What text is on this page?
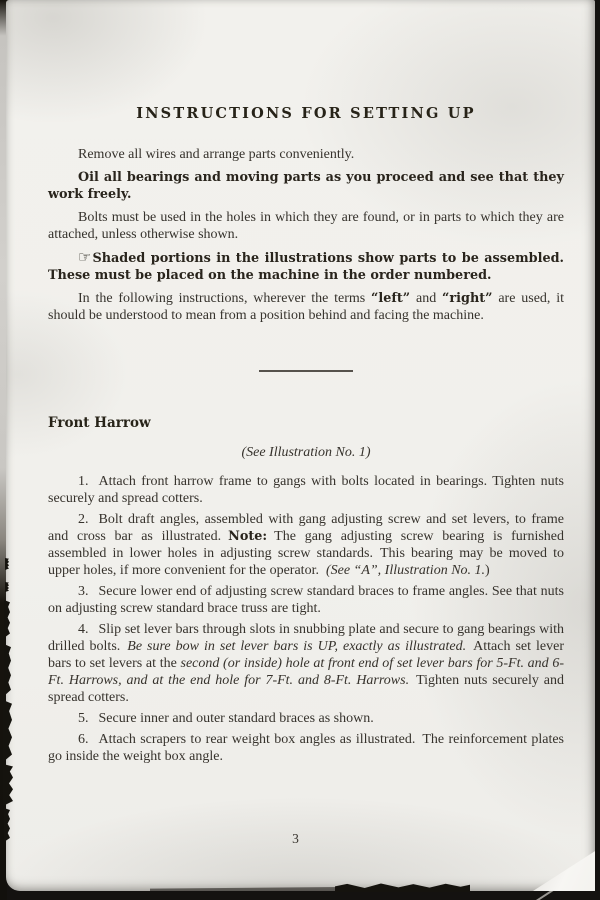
INSTRUCTIONS FOR SETTING UP

Remove all wires and arrange parts conveniently.

Oil all bearings and moving parts as you proceed and see that they work freely.

Bolts must be used in the holes in which they are found, or in parts to which they are attached, unless otherwise shown.

☞Shaded portions in the illustrations show parts to be assembled. These must be placed on the machine in the order numbered.

In the following instructions, wherever the terms “left” and “right” are used, it should be understood to mean from a position behind and facing the machine.

Front Harrow

(See Illustration No. 1)

1. Attach front harrow frame to gangs with bolts located in bearings. Tighten nuts securely and spread cotters.

2. Bolt draft angles, assembled with gang adjusting screw and set levers, to frame and cross bar as illustrated. Note: The gang adjusting screw bearing is furnished assembled in lower holes in adjusting screw standards. This bearing may be moved to upper holes, if more convenient for the operator. (See “A”, Illustration No. 1.)

3. Secure lower end of adjusting screw standard braces to frame angles. See that nuts on adjusting screw standard brace truss are tight.

4. Slip set lever bars through slots in snubbing plate and secure to gang bearings with drilled bolts. Be sure bow in set lever bars is UP, exactly as illustrated. Attach set lever bars to set levers at the second (or inside) hole at front end of set lever bars for 5-Ft. and 6-Ft. Harrows, and at the end hole for 7-Ft. and 8-Ft. Harrows. Tighten nuts securely and spread cotters.

5. Secure inner and outer standard braces as shown.

6. Attach scrapers to rear weight box angles as illustrated. The reinforcement plates go inside the weight box angle.

3
